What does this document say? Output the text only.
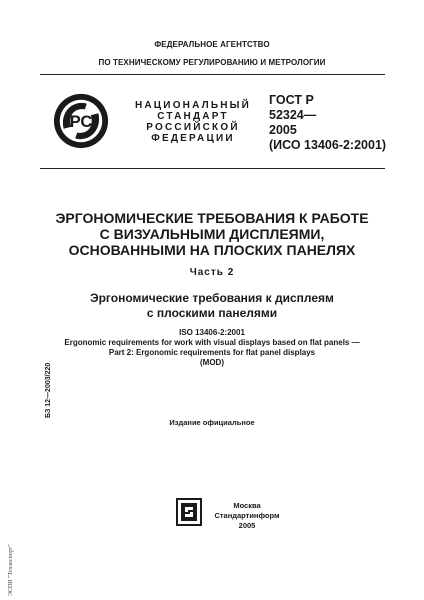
ФЕДЕРАЛЬНОЕ АГЕНТСТВО
ПО ТЕХНИЧЕСКОМУ РЕГУЛИРОВАНИЮ И МЕТРОЛОГИИ
РС
НАЦИОНАЛЬНЫЙ
СТАНДАРТ
РОССИЙСКОЙ
ФЕДЕРАЦИИ
ГОСТ Р
52324—
2005
(ИСО 13406-2:2001)
ЭРГОНОМИЧЕСКИЕ ТРЕБОВАНИЯ К РАБОТЕ
С ВИЗУАЛЬНЫМИ ДИСПЛЕЯМИ,
ОСНОВАННЫМИ НА ПЛОСКИХ ПАНЕЛЯХ
Часть 2
Эргономические требования к дисплеям
с плоскими панелями
ISO 13406-2:2001
Ergonomic requirements for work with visual displays based on flat panels —
Part 2: Ergonomic requirements for flat panel displays
(MOD)
Издание официальное
БЗ 12—2003/220
ЭСПИ "Техэкспорт"
Москва
Стандартинформ
2005
